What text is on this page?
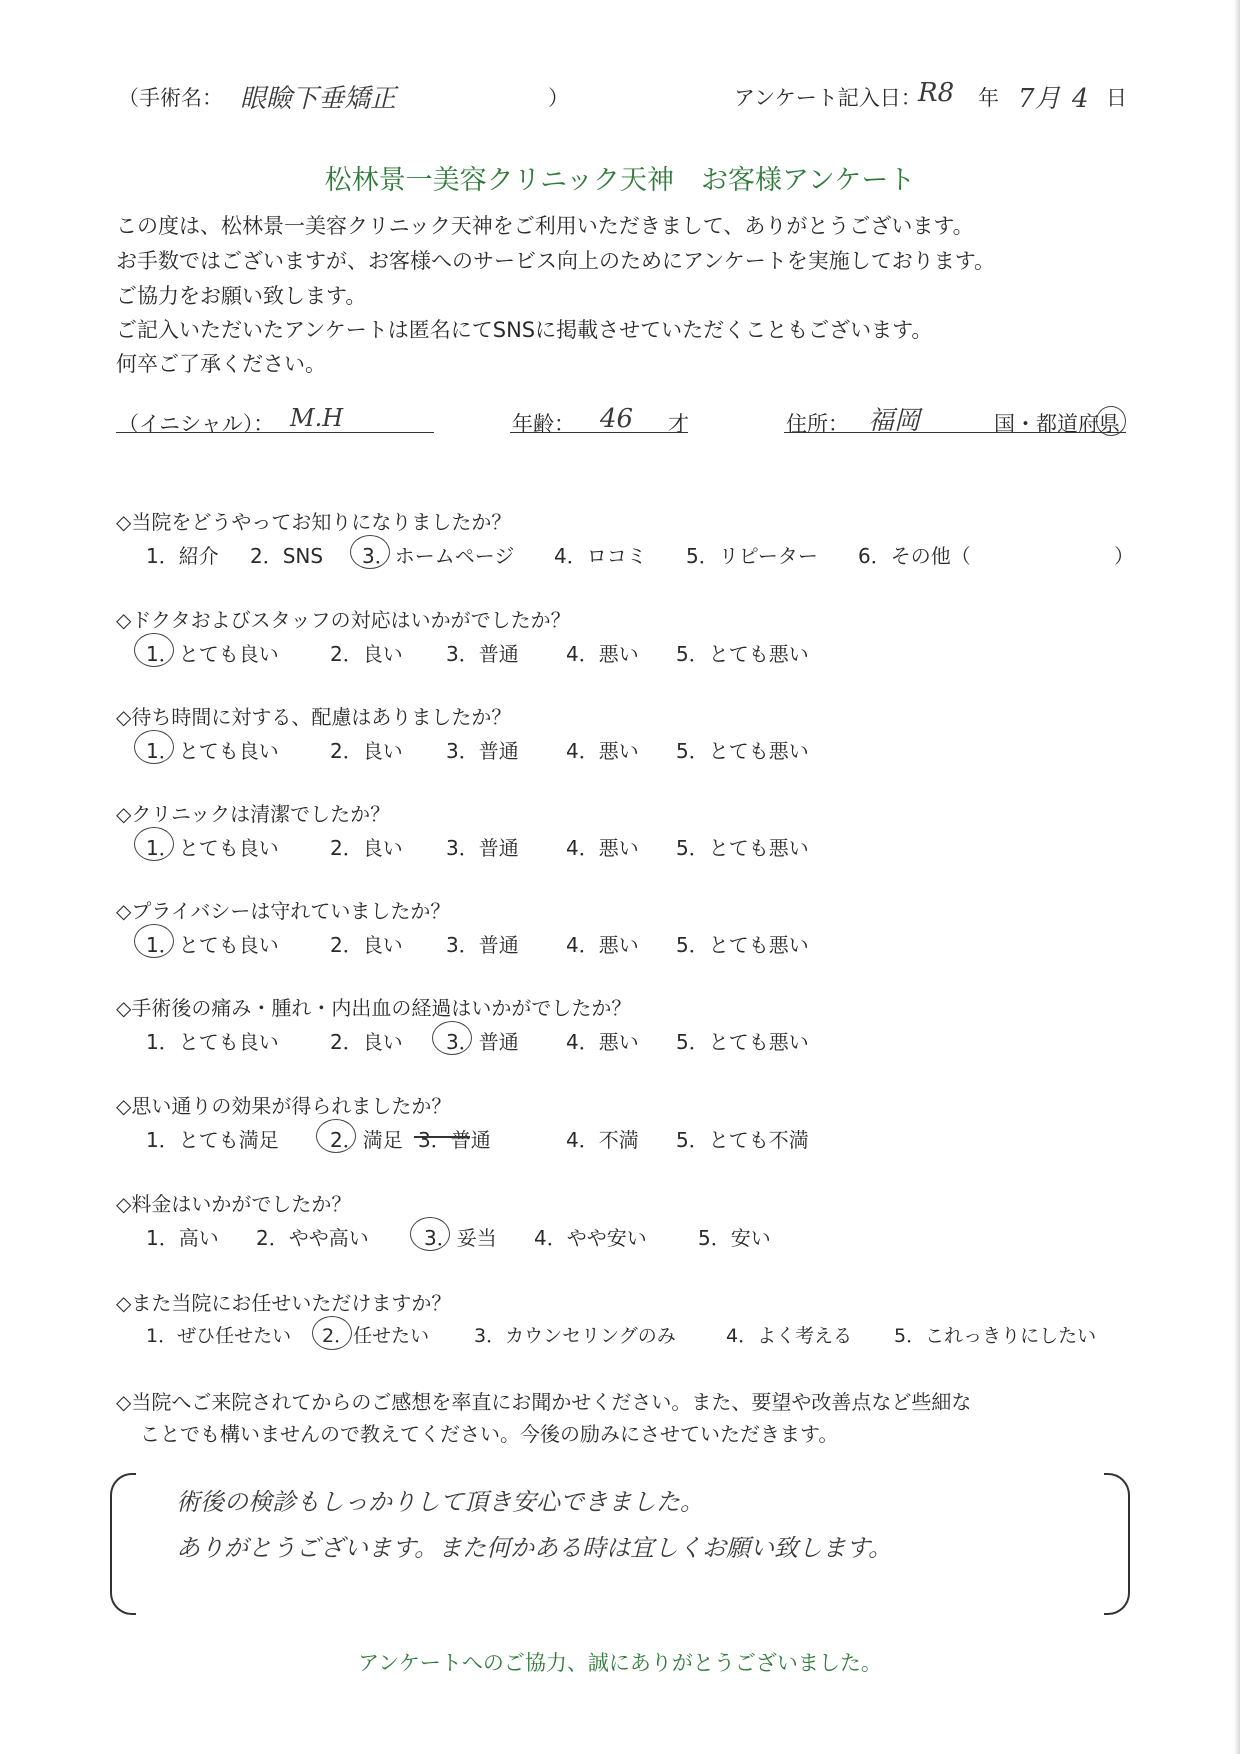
（手術名： 眼瞼下垂矯正	）	アンケート記入日：
R8 年 7月 4 日
松林景一美容クリニック天神　お客様アンケート
この度は、松林景一美容クリニック天神をご利用いただきまして、ありがとうございます。
お手数ではございますが、お客様へのサービス向上のためにアンケートを実施しております。
ご協力をお願い致します。
ご記入いただいたアンケートは匿名にてSNSに掲載させていただくこともございます。
何卒ご了承ください。
（イニシャル）： M.H	年齢： 46 才	住所： 福岡	国・都道府県
◇当院をどうやってお知りになりましたか？
1．紹介 2．SNS 3．ホームページ 4．ロコミ 5．リピーター 6．その他（	）
◇ドクタおよびスタッフの対応はいかがでしたか？
1．とても良い	2．良い 3．普通 4．悪い 5．とても悪い
◇待ち時間に対する、配慮はありましたか？
1．とても良い	2．良い 3．普通 4．悪い 5．とても悪い
◇クリニックは清潔でしたか？
1．とても良い	2．良い 3．普通 4．悪い 5．とても悪い
◇プライバシーは守れていましたか？
1．とても良い	2．良い 3．普通 4．悪い 5．とても悪い
◇手術後の痛み・腫れ・内出血の経過はいかがでしたか？
1．とても良い	2．良い 3．普通 4．悪い 5．とても悪い
◇思い通りの効果が得られましたか？
1．とても満足	2．満足 3．普通	4．不満 5．とても不満
◇料金はいかがでしたか？
1．高い 2．やや高い	3．妥当 4．やや安い	5．安い
◇また当院にお任せいただけますか？
1．ぜひ任せたい 2．任せたい 3．カウンセリングのみ	4．よく考える 5．これっきりにしたい
◇当院へご来院されてからのご感想を率直にお聞かせください。また、要望や改善点など些細な
ことでも構いませんので教えてください。今後の励みにさせていただきます。
術後の検診もしっかりして頂き安心できました。
ありがとうございます。また何かある時は宜しくお願い致します。
アンケートへのご協力、誠にありがとうございました。
